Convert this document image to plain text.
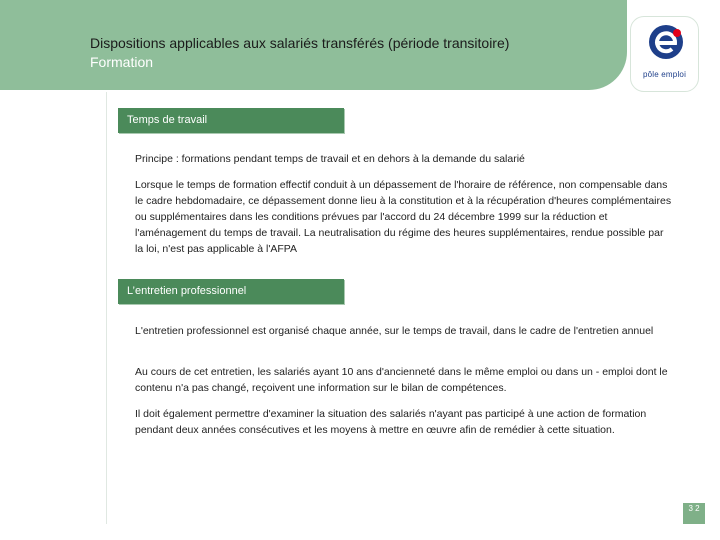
Dispositions applicables aux salariés transférés (période transitoire)
Formation
pôle emploi
Temps de travail
Principe : formations pendant temps de travail et en dehors à la demande du salarié
Lorsque le temps de formation effectif conduit à un dépassement de l'horaire de référence, non compensable dans le cadre hebdomadaire, ce dépassement donne lieu à la constitution et à la récupération d'heures complémentaires ou supplémentaires dans les conditions prévues par l'accord du 24 décembre 1999 sur la réduction et l'aménagement du temps de travail. La neutralisation du régime des heures supplémentaires, rendue possible par la loi, n'est pas applicable à l'AFPA
L’entretien professionnel
L'entretien professionnel est organisé chaque année, sur le temps de travail, dans le cadre de l'entretien annuel
Au cours de cet entretien, les salariés ayant 10 ans d'ancienneté dans le même emploi ou dans un - emploi dont le contenu n'a pas changé, reçoivent une information sur le bilan de compétences.
Il doit également permettre d'examiner la situation des salariés n'ayant pas participé à une action de formation pendant deux années consécutives et les moyens à mettre en œuvre afin de remédier à cette situation.
3 2
